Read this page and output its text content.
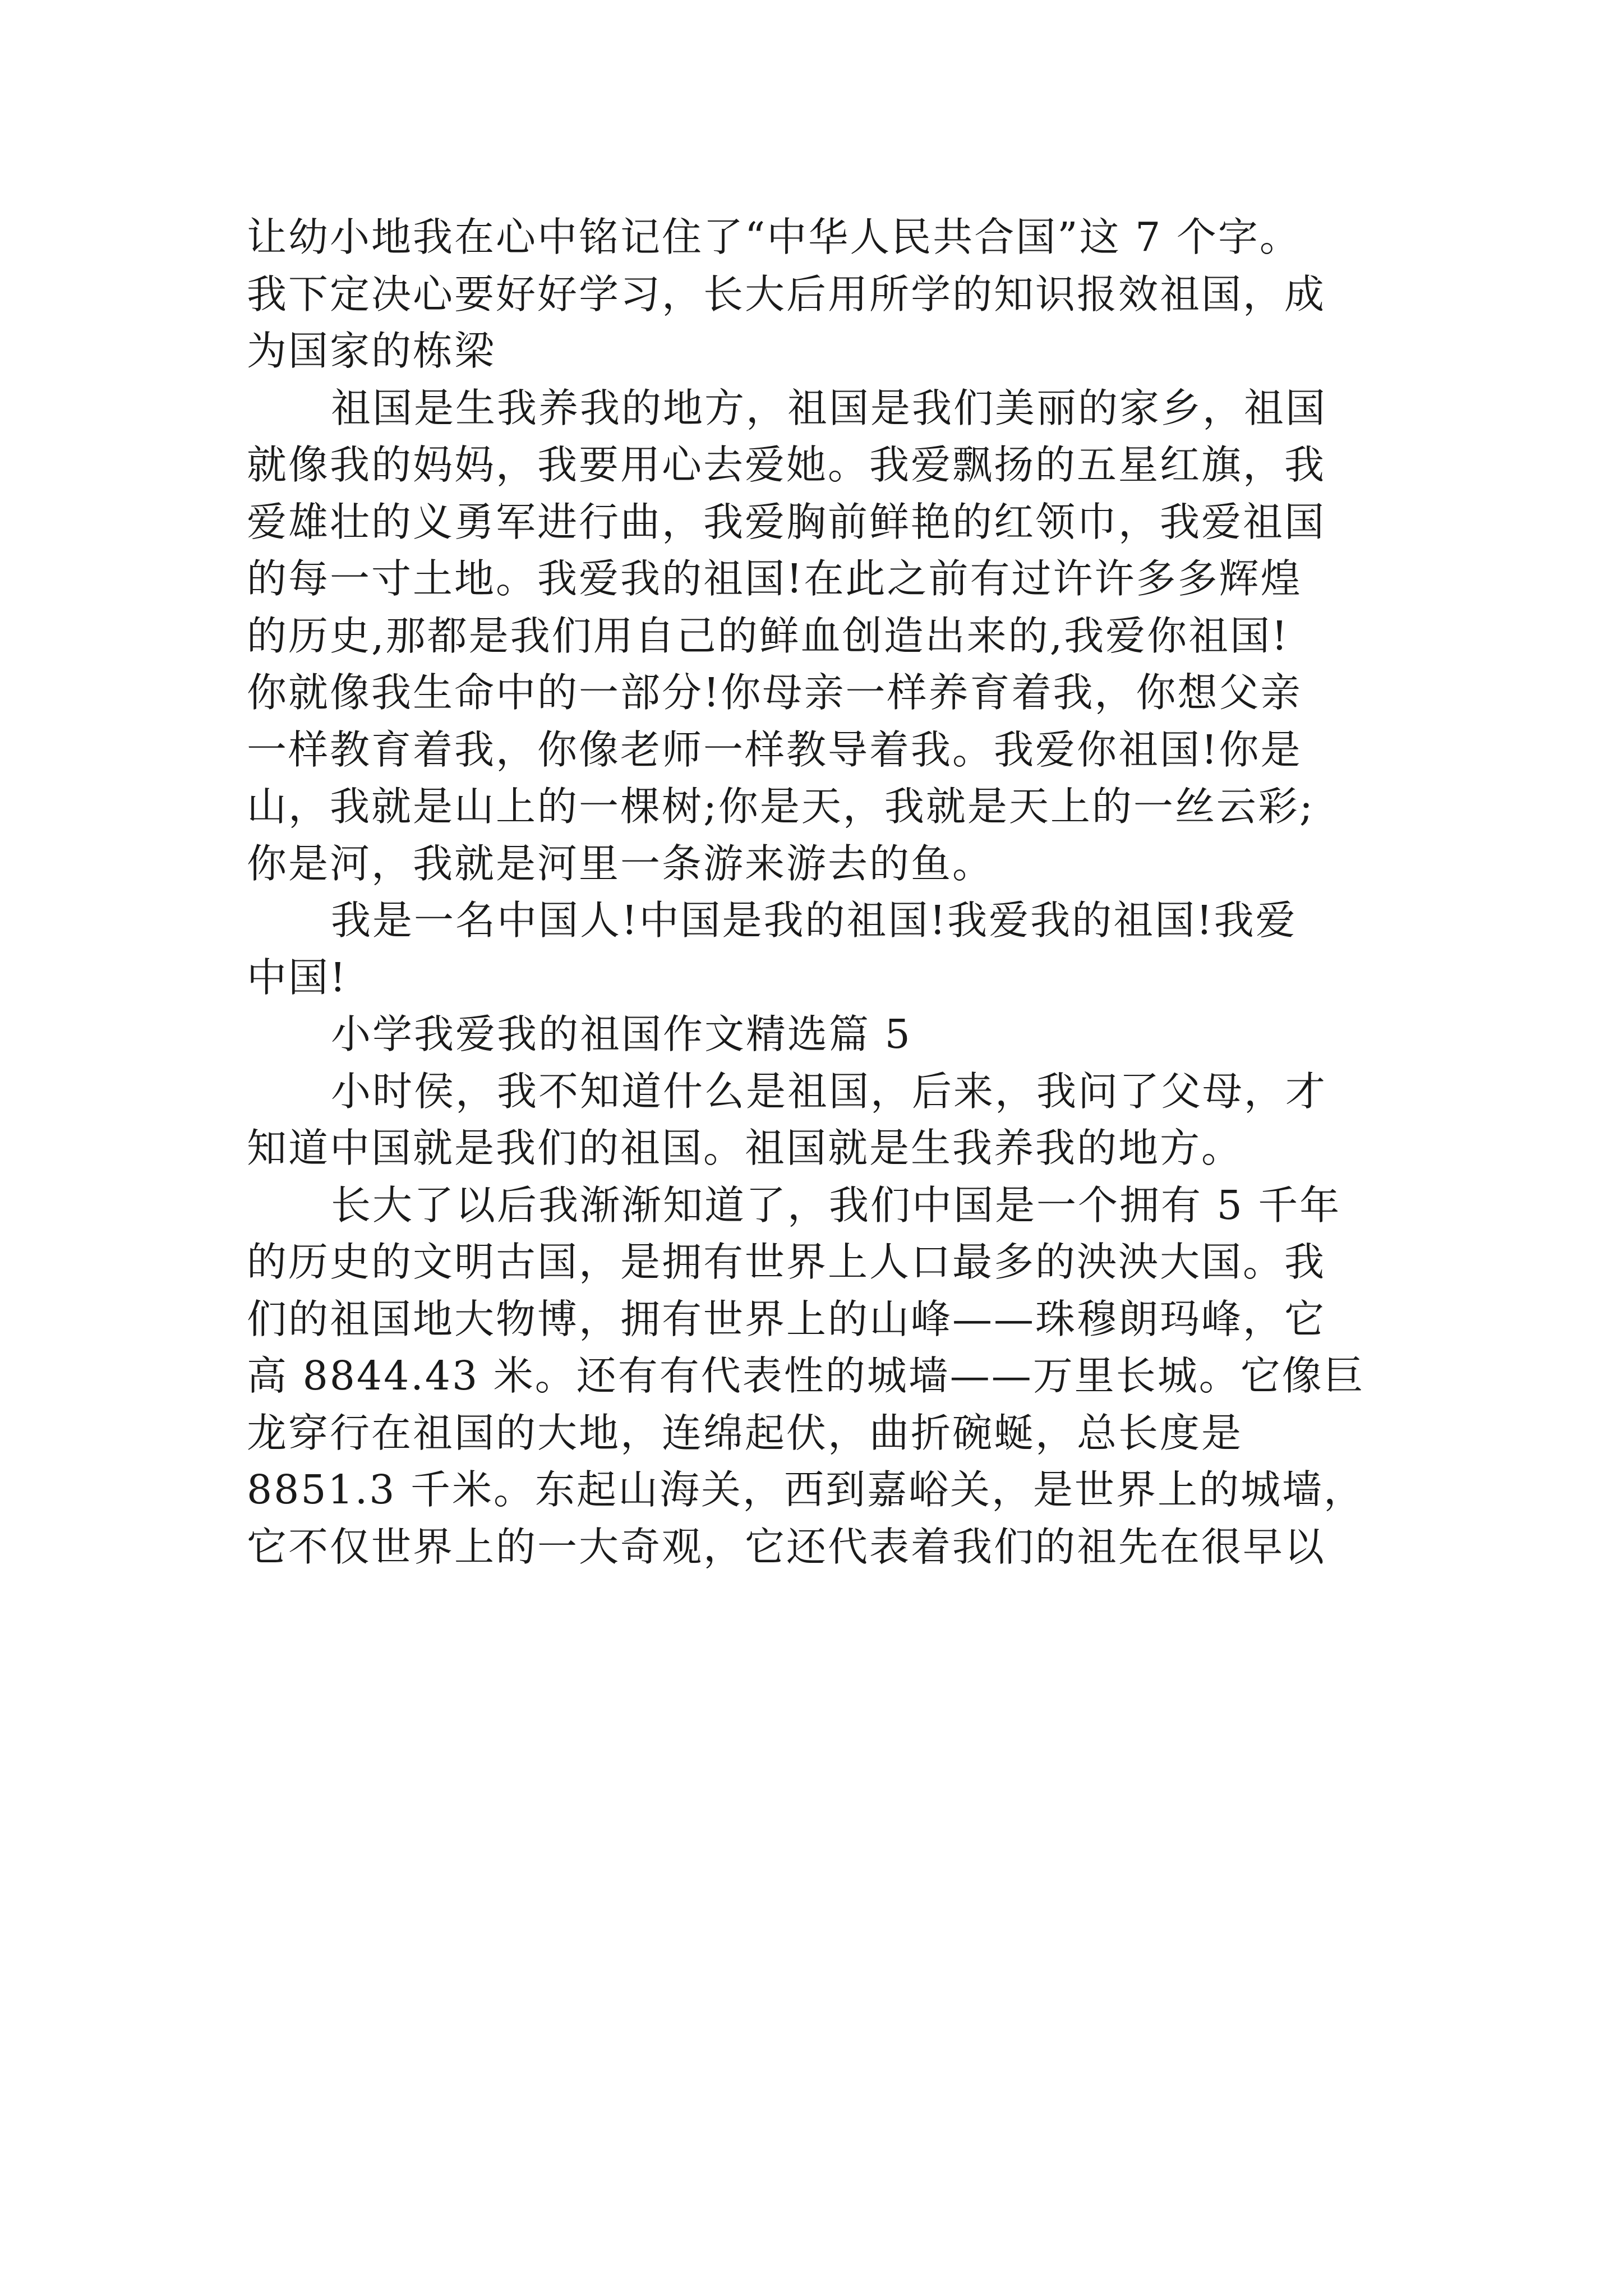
让幼小地我在心中铭记住了“中华人民共合国”这 7 个字。
我下定决心要好好学习，长大后用所学的知识报效祖国，成
为国家的栋梁
祖国是生我养我的地方，祖国是我们美丽的家乡，祖国
就像我的妈妈，我要用心去爱她。我爱飘扬的五星红旗，我
爱雄壮的义勇军进行曲，我爱胸前鲜艳的红领巾，我爱祖国
的每一寸土地。我爱我的祖国!在此之前有过许许多多辉煌
的历史,那都是我们用自己的鲜血创造出来的,我爱你祖国!
你就像我生命中的一部分!你母亲一样养育着我，你想父亲
一样教育着我，你像老师一样教导着我。我爱你祖国!你是
山，我就是山上的一棵树;你是天，我就是天上的一丝云彩;
你是河，我就是河里一条游来游去的鱼。
我是一名中国人!中国是我的祖国!我爱我的祖国!我爱
中国!
小学我爱我的祖国作文精选篇 5
小时侯，我不知道什么是祖国，后来，我问了父母，才
知道中国就是我们的祖国。祖国就是生我养我的地方。
长大了以后我渐渐知道了，我们中国是一个拥有 5 千年
的历史的文明古国，是拥有世界上人口最多的泱泱大国。我
们的祖国地大物博，拥有世界上的山峰——珠穆朗玛峰，它
高 8844.43 米。还有有代表性的城墙——万里长城。它像巨
龙穿行在祖国的大地，连绵起伏，曲折碗蜒，总长度是
8851.3 千米。东起山海关，西到嘉峪关，是世界上的城墙，
它不仅世界上的一大奇观，它还代表着我们的祖先在很早以
